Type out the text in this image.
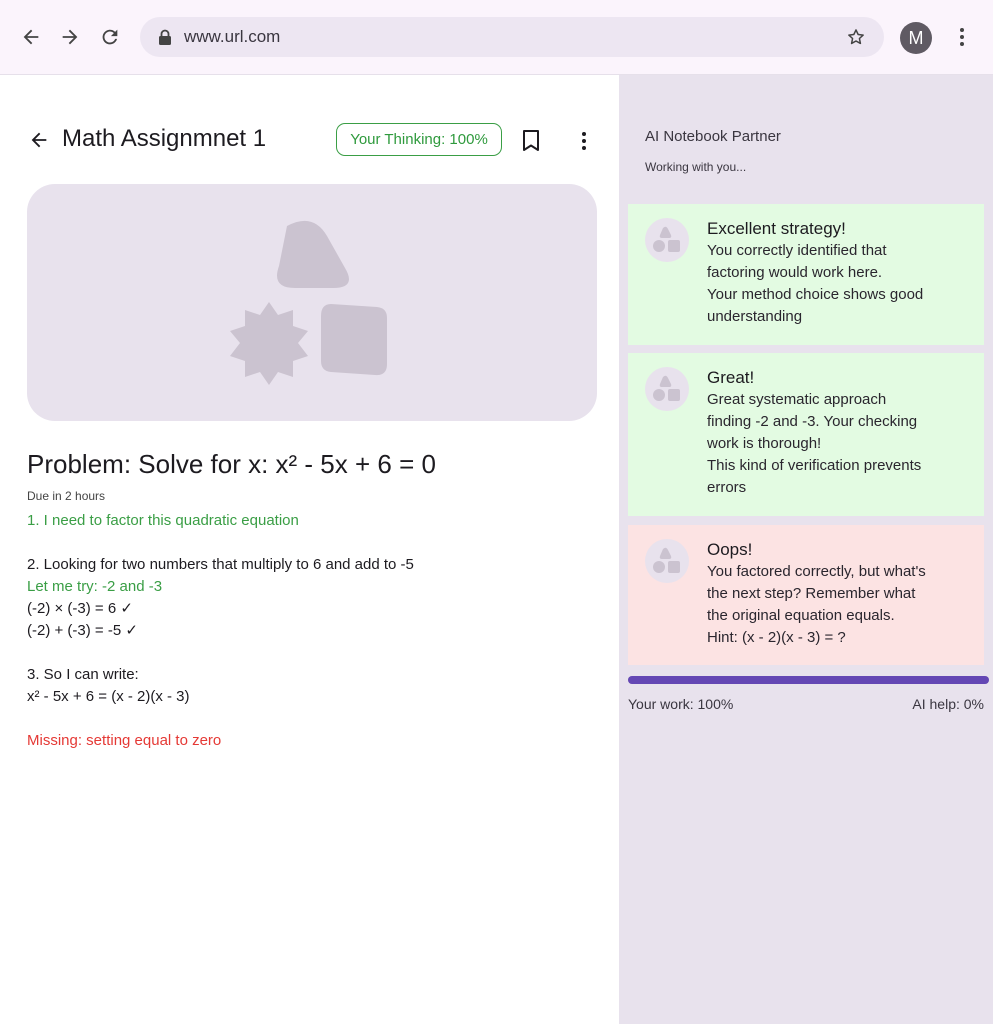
www.url.com	M
Math Assignmnet 1	Your Thinking: 100%
Problem: Solve for x: x² - 5x + 6 = 0
Due in 2 hours
1. I need to factor this quadratic equation
2. Looking for two numbers that multiply to 6 and add to -5
Let me try: -2 and -3
(-2) × (-3) = 6 ✓
(-2) + (-3) = -5 ✓
3. So I can write:
x² - 5x + 6 = (x - 2)(x - 3)
Missing: setting equal to zero
AI Notebook Partner
Working with you...
Excellent strategy!
You correctly identified that
factoring would work here.
Your method choice shows good
understanding
Great!
Great systematic approach
finding -2 and -3. Your checking
work is thorough!
This kind of verification prevents
errors
Oops!
You factored correctly, but what's
the next step? Remember what
the original equation equals.
Hint: (x - 2)(x - 3) = ?
Your work: 100%	AI help: 0%
